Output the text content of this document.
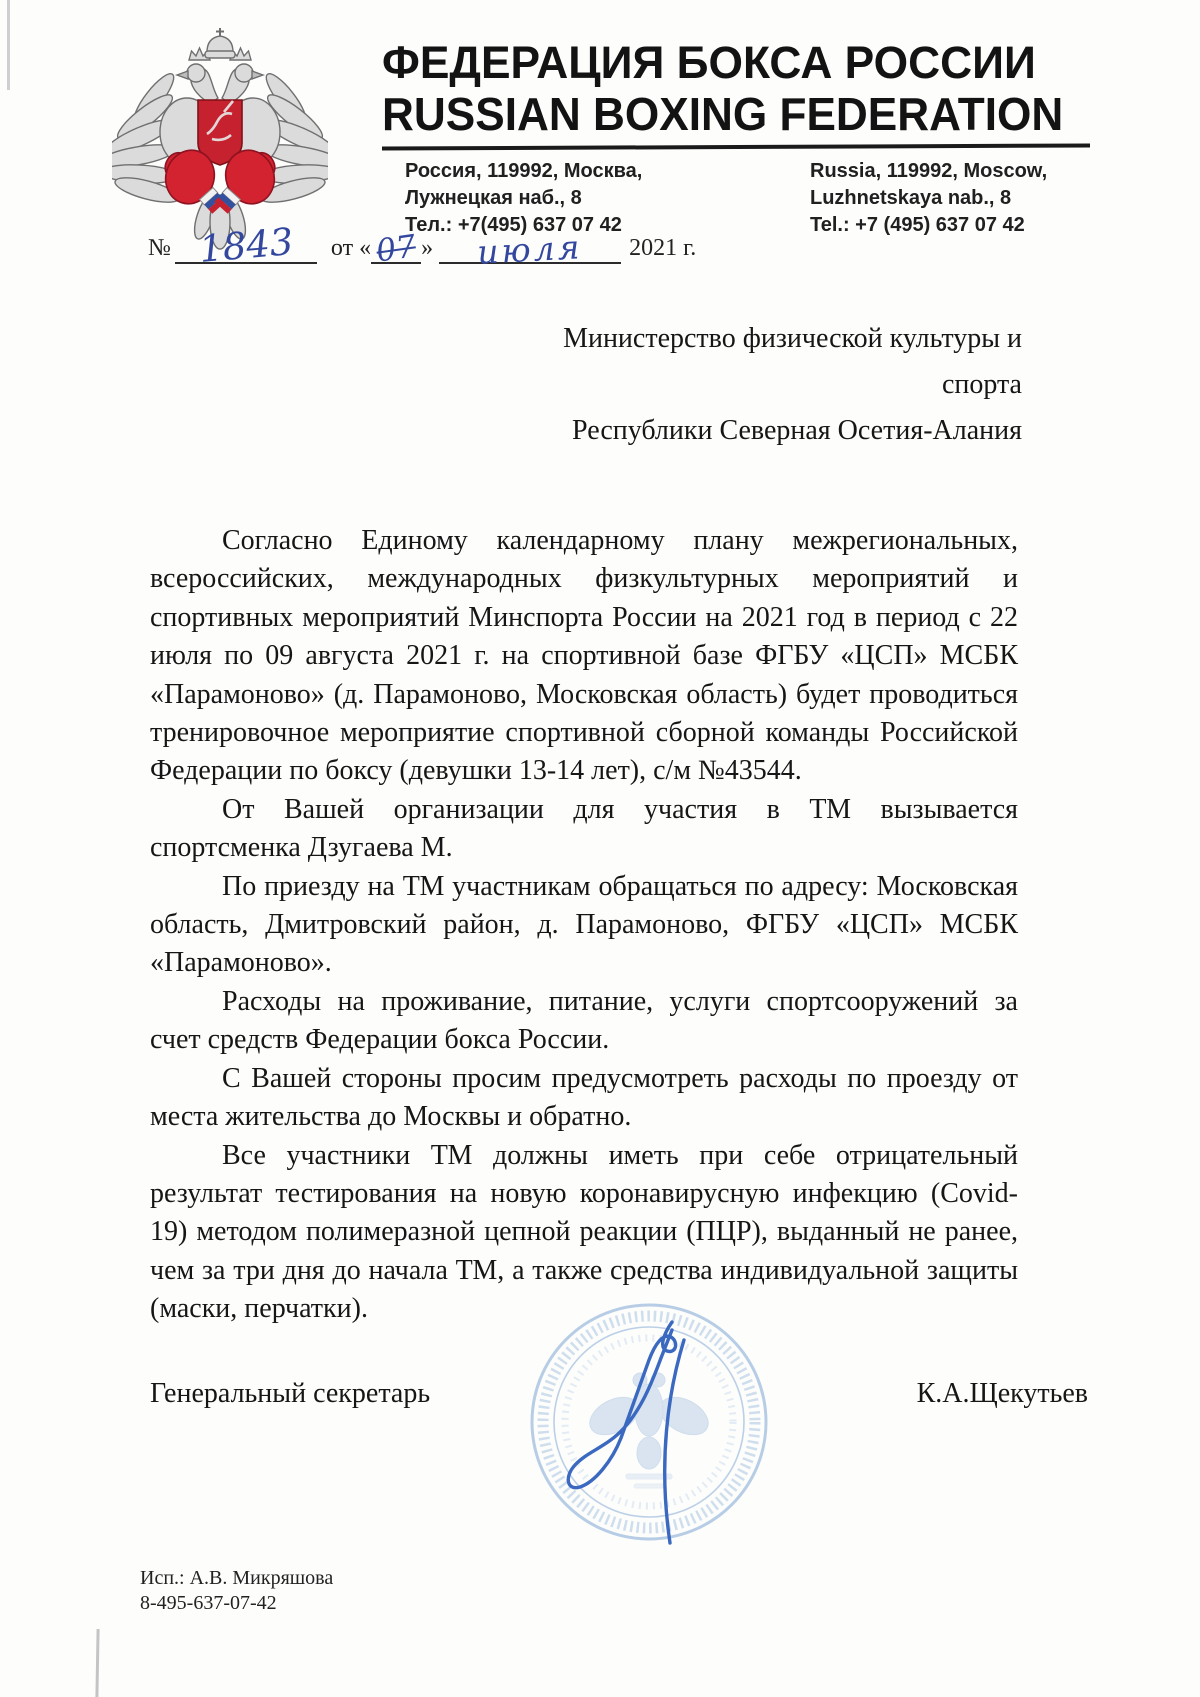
ФЕДЕРАЦИЯ БОКСА РОССИИ
RUSSIAN BOXING FEDERATION
Россия, 119992, Москва,
Лужнецкая наб., 8
Тел.: +7(495) 637 07 42
Russia, 119992, Moscow,
Luzhnetskaya nab., 8
Tel.: +7 (495) 637 07 42
№ 1843 от « 07 » июля 2021 г.
Министерство физической культуры и спорта
Республики Северная Осетия-Алания

Согласно Единому календарному плану межрегиональных, всероссийских, международных физкультурных мероприятий и спортивных мероприятий Минспорта России на 2021 год в период с 22 июля по 09 августа 2021 г. на спортивной базе ФГБУ «ЦСП» МСБК «Парамоново» (д. Парамоново, Московская область) будет проводиться тренировочное мероприятие спортивной сборной команды Российской Федерации по боксу (девушки 13-14 лет), с/м №43544.

От Вашей организации для участия в ТМ вызывается спортсменка Дзугаева М.

По приезду на ТМ участникам обращаться по адресу: Московская область, Дмитровский район, д. Парамоново, ФГБУ «ЦСП» МСБК «Парамоново».

Расходы на проживание, питание, услуги спортсооружений за счет средств Федерации бокса России.

С Вашей стороны просим предусмотреть расходы по проезду от места жительства до Москвы и обратно.

Все участники ТМ должны иметь при себе отрицательный результат тестирования на новую коронавирусную инфекцию (Covid-19) методом полимеразной цепной реакции (ПЦР), выданный не ранее, чем за три дня до начала ТМ, а также средства индивидуальной защиты (маски, перчатки).

Генеральный секретарь	К.А.Щекутьев
Исп.: А.В. Микряшова
8-495-637-07-42
